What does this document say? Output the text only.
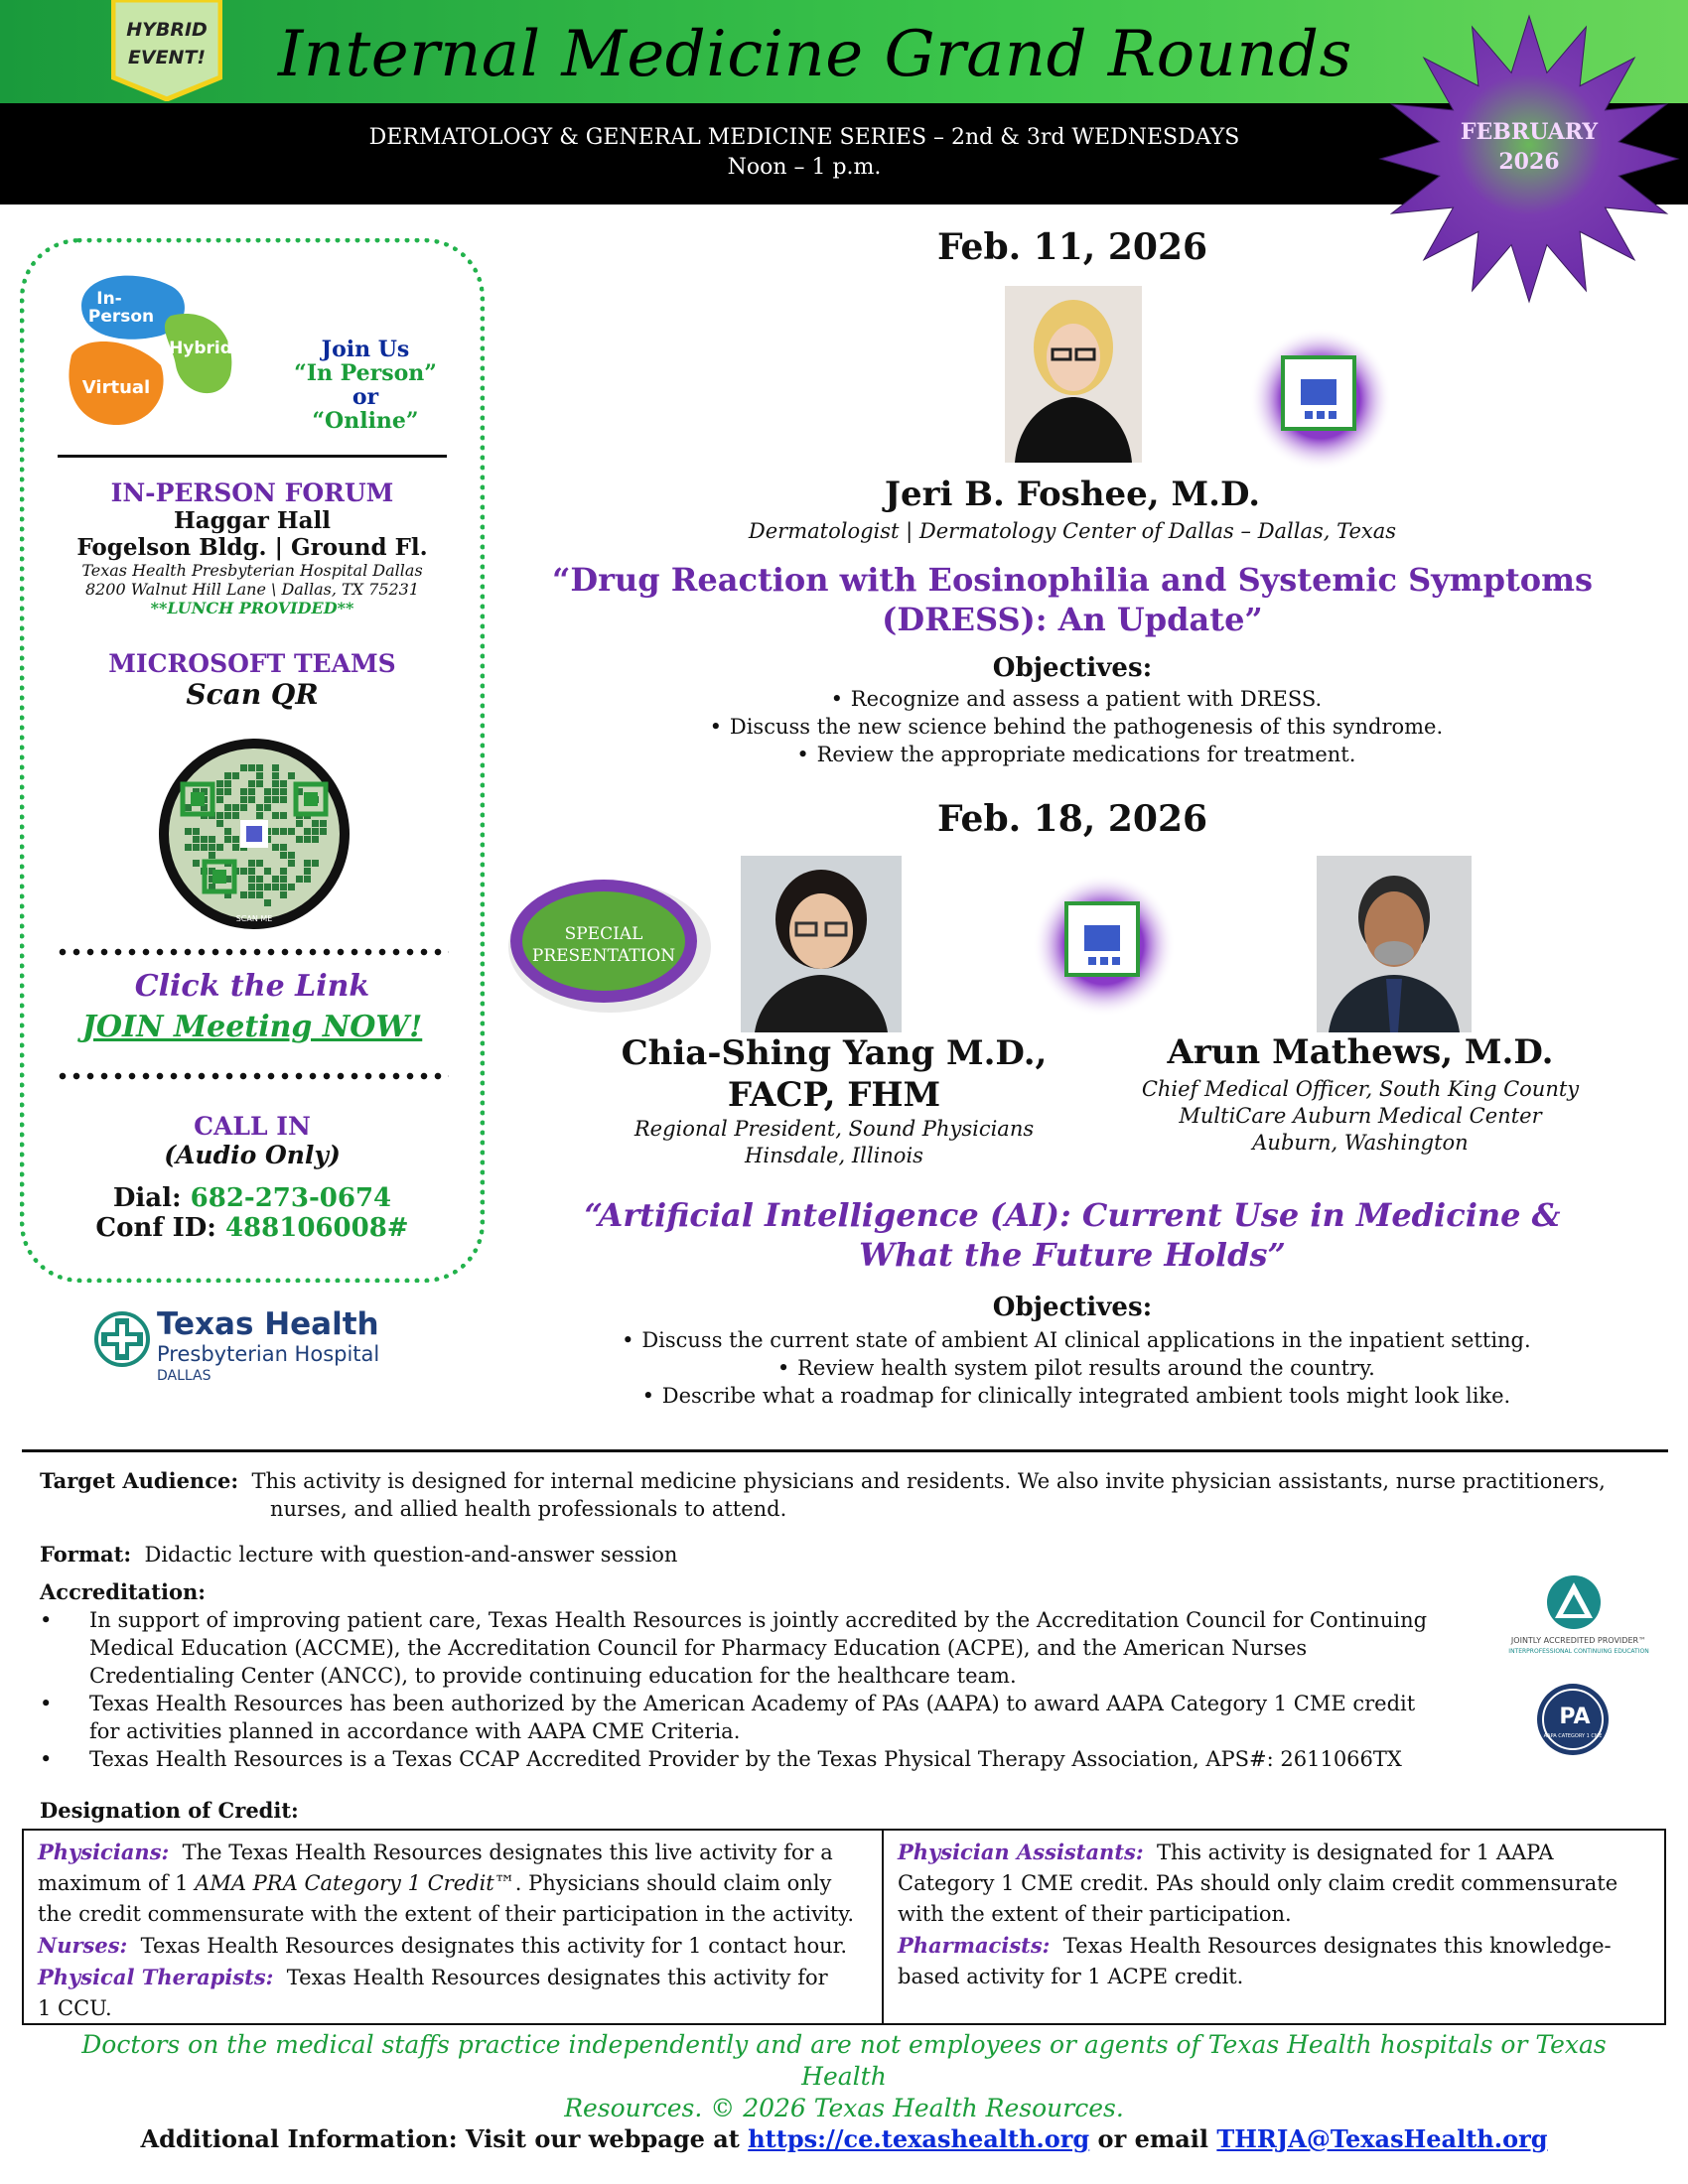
HYBRID
EVENT! Internal Medicine Grand Rounds
DERMATOLOGY & GENERAL MEDICINE SERIES – 2nd & 3rd WEDNESDAYS
Noon – 1 p.m.
FEBRUARY
2026
In-
Person
Hybrid
Virtual
Join Us
“In Person”
or
“Online”
IN-PERSON FORUM
Haggar Hall
Fogelson Bldg. | Ground Fl.
Texas Health Presbyterian Hospital Dallas
8200 Walnut Hill Lane \ Dallas, TX 75231
**LUNCH PROVIDED**
MICROSOFT TEAMS
Scan QR
SCAN ME
Click the Link
JOIN Meeting NOW!
CALL IN
(Audio Only)
Dial: 682-273-0674
Conf ID: 488106008#
Texas Health
Presbyterian Hospital
DALLAS
Feb. 11, 2026
Jeri B. Foshee, M.D.
Dermatologist | Dermatology Center of Dallas – Dallas, Texas
“Drug Reaction with Eosinophilia and Systemic Symptoms
(DRESS): An Update”
Objectives:
• Recognize and assess a patient with DRESS.
• Discuss the new science behind the pathogenesis of this syndrome.
• Review the appropriate medications for treatment.
Feb. 18, 2026
SPECIAL
PRESENTATION
Chia-Shing Yang M.D.,
FACP, FHM
Regional President, Sound Physicians
Hinsdale, Illinois
Arun Mathews, M.D.
Chief Medical Officer, South King County
MultiCare Auburn Medical Center
Auburn, Washington
“Artificial Intelligence (AI): Current Use in Medicine &
What the Future Holds”
Objectives:
• Discuss the current state of ambient AI clinical applications in the inpatient setting.
• Review health system pilot results around the country.
• Describe what a roadmap for clinically integrated ambient tools might look like.
Target Audience: This activity is designed for internal medicine physicians and residents. We also invite physician assistants, nurse practitioners,
nurses, and allied health professionals to attend.
Format: Didactic lecture with question-and-answer session
Accreditation:
•	In support of improving patient care, Texas Health Resources is jointly accredited by the Accreditation Council for Continuing
Medical Education (ACCME), the Accreditation Council for Pharmacy Education (ACPE), and the American Nurses
Credentialing Center (ANCC), to provide continuing education for the healthcare team.
•	Texas Health Resources has been authorized by the American Academy of PAs (AAPA) to award AAPA Category 1 CME credit
for activities planned in accordance with AAPA CME Criteria.
•	Texas Health Resources is a Texas CCAP Accredited Provider by the Texas Physical Therapy Association, APS#: 2611066TX
JOINTLY ACCREDITED PROVIDER™
INTERPROFESSIONAL CONTINUING EDUCATION
PA
AAPA CATEGORY 1 CME
Designation of Credit:
Physicians: The Texas Health Resources designates this live activity for a
maximum of 1 AMA PRA Category 1 Credit™. Physicians should claim only
the credit commensurate with the extent of their participation in the activity.
Nurses: Texas Health Resources designates this activity for 1 contact hour.
Physical Therapists: Texas Health Resources designates this activity for
1 CCU.
Physician Assistants: This activity is designated for 1 AAPA
Category 1 CME credit. PAs should only claim credit commensurate
with the extent of their participation.
Pharmacists: Texas Health Resources designates this knowledge-
based activity for 1 ACPE credit.
Doctors on the medical staffs practice independently and are not employees or agents of Texas Health hospitals or Texas Health
Resources. © 2026 Texas Health Resources.
Additional Information: Visit our webpage at https://ce.texashealth.org or email THRJA@TexasHealth.org
